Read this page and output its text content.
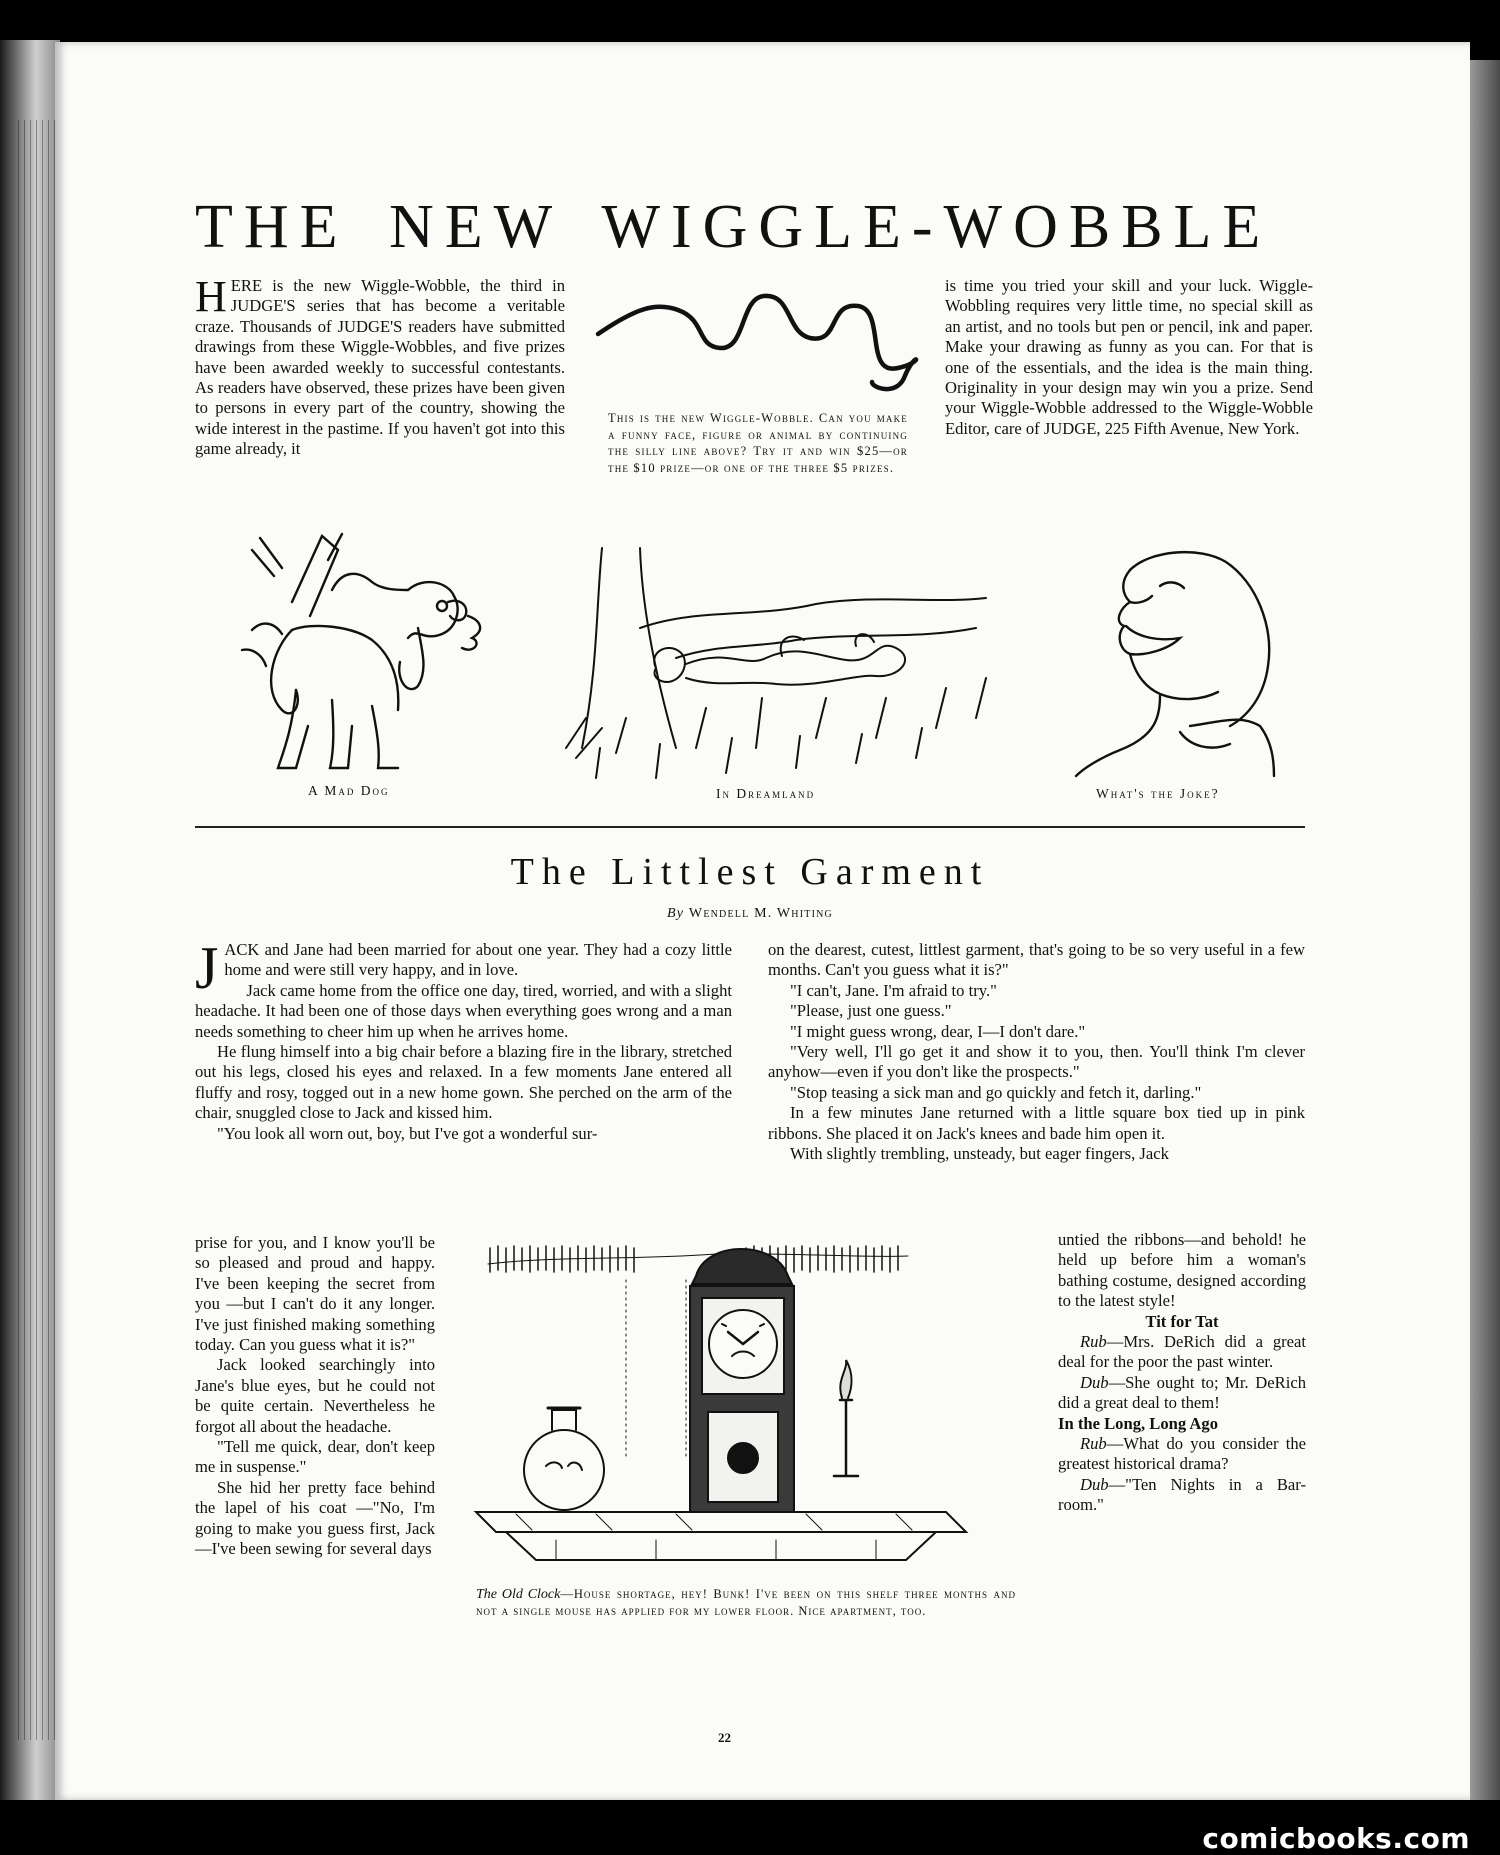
THE NEW WIGGLE-WOBBLE
HERE is the new Wiggle-Wobble, the third in JUDGE'S series that has become a veritable craze. Thousands of JUDGE'S readers have submitted drawings from these Wiggle-Wobbles, and five prizes have been awarded weekly to successful contestants. As readers have observed, these prizes have been given to persons in every part of the country, showing the wide interest in the pastime. If you haven't got into this game already, it
This is the new Wiggle-Wobble. Can you make a funny face, figure or animal by continuing the silly line above? Try it and win $25—or the $10 prize—or one of the three $5 prizes.
is time you tried your skill and your luck. Wiggle-Wobbling requires very little time, no special skill as an artist, and no tools but pen or pencil, ink and paper. Make your drawing as funny as you can. For that is one of the essentials, and the idea is the main thing. Originality in your design may win you a prize. Send your Wiggle-Wobble addressed to the Wiggle-Wobble Editor, care of JUDGE, 225 Fifth Avenue, New York.
A Mad Dog	In Dreamland	What's the Joke?
The Littlest Garment
By Wendell M. Whiting

JACK and Jane had been married for about one year. They had a cozy little home and were still very happy, and in love.

Jack came home from the office one day, tired, worried, and with a slight headache. It had been one of those days when everything goes wrong and a man needs something to cheer him up when he arrives home.

He flung himself into a big chair before a blazing fire in the library, stretched out his legs, closed his eyes and relaxed. In a few moments Jane entered all fluffy and rosy, togged out in a new home gown. She perched on the arm of the chair, snuggled close to Jack and kissed him.

"You look all worn out, boy, but I've got a wonderful sur-

prise for you, and I know you'll be so pleased and proud and happy. I've been keeping the secret from you —but I can't do it any longer. I've just finished making something today. Can you guess what it is?"

Jack looked searchingly into Jane's blue eyes, but he could not be quite certain. Nevertheless he forgot all about the headache.

"Tell me quick, dear, don't keep me in suspense."

She hid her pretty face behind the lapel of his coat —"No, I'm going to make you guess first, Jack—I've been sewing for several days

on the dearest, cutest, littlest garment, that's going to be so very useful in a few months. Can't you guess what it is?"

"I can't, Jane. I'm afraid to try."

"Please, just one guess."

"I might guess wrong, dear, I—I don't dare."

"Very well, I'll go get it and show it to you, then. You'll think I'm clever anyhow—even if you don't like the prospects."

"Stop teasing a sick man and go quickly and fetch it, darling."

In a few minutes Jane returned with a little square box tied up in pink ribbons. She placed it on Jack's knees and bade him open it.

With slightly trembling, unsteady, but eager fingers, Jack

untied the ribbons—and behold! he held up before him a woman's bathing costume, designed according to the latest style!

Tit for Tat

Rub—Mrs. DeRich did a great deal for the poor the past winter.

Dub—She ought to; Mr. DeRich did a great deal to them!

In the Long, Long Ago

Rub—What do you consider the greatest historical drama?

Dub—"Ten Nights in a Bar-room."

The Old Clock—House shortage, hey! Bunk! I've been on this shelf three months and not a single mouse has applied for my lower floor. Nice apartment, too.
22
comicbooks.com
